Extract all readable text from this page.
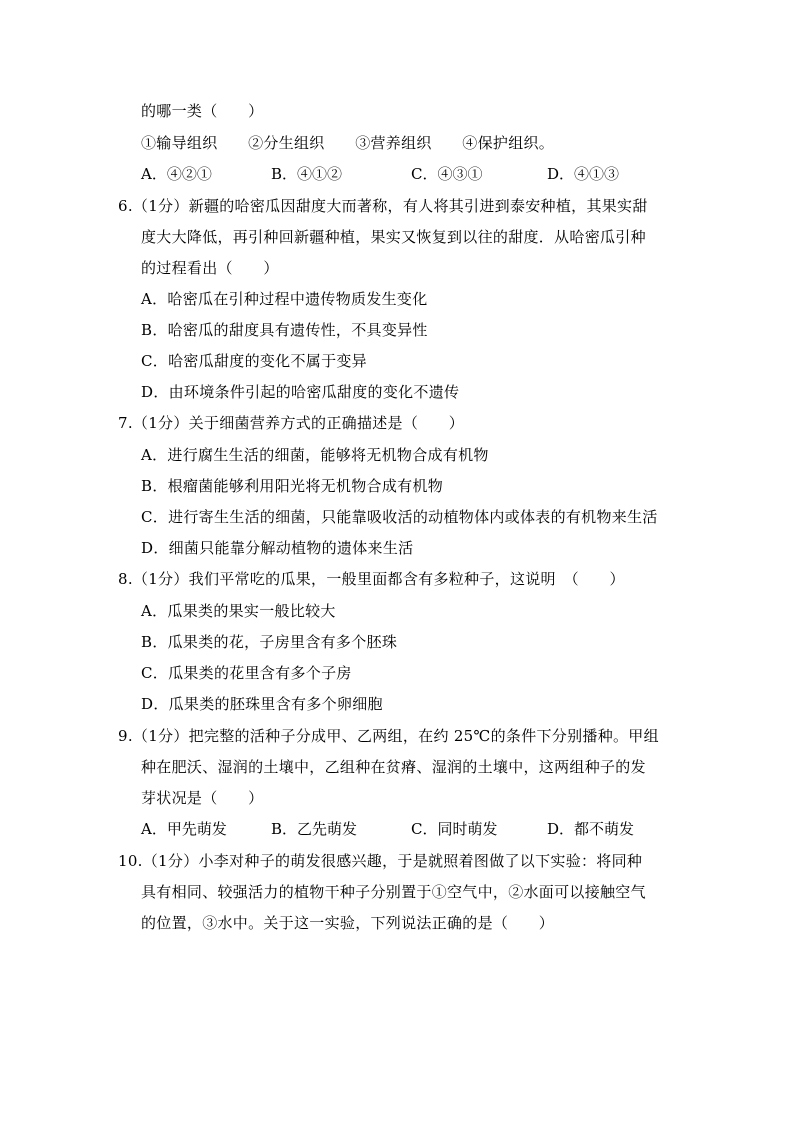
的哪一类（　　）
①输导组织　　②分生组织　　③营养组织　　④保护组织。
A．④②①	B．④①②	C．④③①	D．④①③
6.（1分）新疆的哈密瓜因甜度大而著称，有人将其引进到泰安种植，其果实甜
度大大降低，再引种回新疆种植，果实又恢复到以往的甜度．从哈密瓜引种
的过程看出（　　）
A．哈密瓜在引种过程中遗传物质发生变化
B．哈密瓜的甜度具有遗传性，不具变异性
C．哈密瓜甜度的变化不属于变异
D．由环境条件引起的哈密瓜甜度的变化不遗传
7.（1分）关于细菌营养方式的正确描述是（　　）
A．进行腐生生活的细菌，能够将无机物合成有机物
B．根瘤菌能够利用阳光将无机物合成有机物
C．进行寄生生活的细菌，只能靠吸收活的动植物体内或体表的有机物来生活
D．细菌只能靠分解动植物的遗体来生活
8.（1分）我们平常吃的瓜果，一般里面都含有多粒种子，这说明　（　　）
A．瓜果类的果实一般比较大
B．瓜果类的花，子房里含有多个胚珠
C．瓜果类的花里含有多个子房
D．瓜果类的胚珠里含有多个卵细胞
9.（1分）把完整的活种子分成甲、乙两组，在约 25℃的条件下分别播种。甲组
种在肥沃、湿润的土壤中，乙组种在贫瘠、湿润的土壤中，这两组种子的发
芽状况是（　　）
A．甲先萌发	B．乙先萌发	C．同时萌发	D．都不萌发
10.（1分）小李对种子的萌发很感兴趣，于是就照着图做了以下实验：将同种
具有相同、较强活力的植物干种子分别置于①空气中，②水面可以接触空气
的位置，③水中。关于这一实验，下列说法正确的是（　　）
